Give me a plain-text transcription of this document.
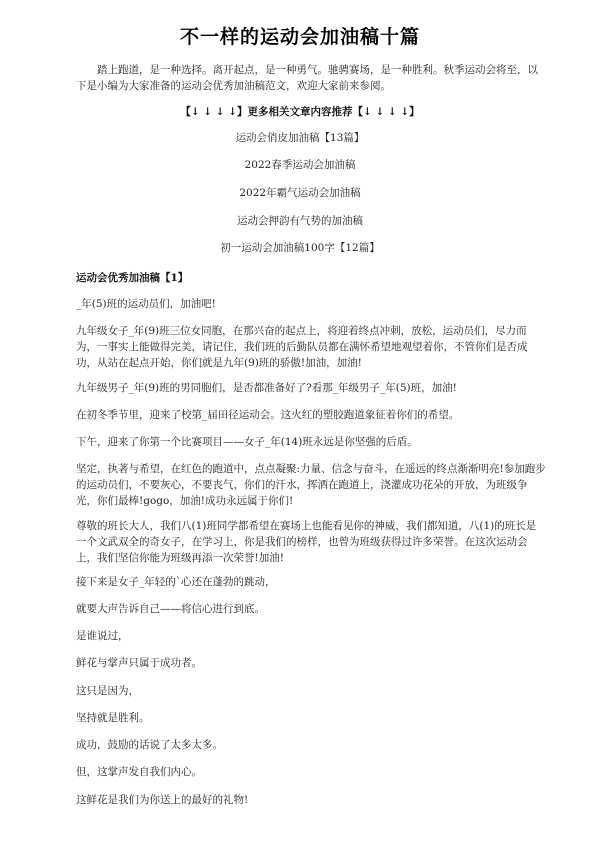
不一样的运动会加油稿十篇
踏上跑道，是一种选择。离开起点，是一种勇气。驰骋赛场，是一种胜利。秋季运动会将至，以下是小编为大家准备的运动会优秀加油稿范文，欢迎大家前来参阅。
【↓ ↓ ↓ ↓】更多相关文章内容推荐【↓ ↓ ↓ ↓】
运动会俏皮加油稿【13篇】
2022春季运动会加油稿
2022年霸气运动会加油稿
运动会押韵有气势的加油稿
初一运动会加油稿100字【12篇】
运动会优秀加油稿【1】
_年(5)班的运动员们，加油吧!
九年级女子_年(9)班三位女同胞，在那兴奋的起点上，将迎着终点冲刺，放松，运动员们，尽力而为，一事实上能做得完美，请记住，我们班的后勤队员都在满怀希望地观望着你，不管你们是否成功，从站在起点开始，你们就是九年(9)班的骄傲!加油，加油!
九年级男子_年(9)班的男同胞们，是否都准备好了?看那_年级男子_年(5)班，加油!
在初冬季节里，迎来了校第_届田径运动会。这火红的塑胶跑道象征着你们的希望。
下午，迎来了你第一个比赛项目——女子_年(14)班永远是你坚强的后盾。
坚定，执著与希望，在红色的跑道中，点点凝聚:力量、信念与奋斗，在遥远的终点渐渐明亮!参加跑步的运动员们，不要灰心，不要丧气，你们的汗水，挥洒在跑道上，浇灌成功花朵的开放，为班级争光，你们最棒!gogo，加油!成功永远属于你们!
尊敬的班长大人，我们八(1)班同学都希望在赛场上也能看见你的神威，我们都知道，八(1)的班长是一个文武双全的奇女子，在学习上，你是我们的榜样，也曾为班级获得过许多荣誉。在这次运动会上，我们坚信你能为班级再添一次荣誉!加油!
接下来是女子_年轻的`心还在蓬勃的跳动，
就要大声告诉自己——将信心进行到底。
是谁说过，
鲜花与掌声只属于成功者。
这只是因为，
坚持就是胜利。
成功，鼓励的话说了太多太多。
但，这掌声发自我们内心。
这鲜花是我们为你送上的最好的礼物!
